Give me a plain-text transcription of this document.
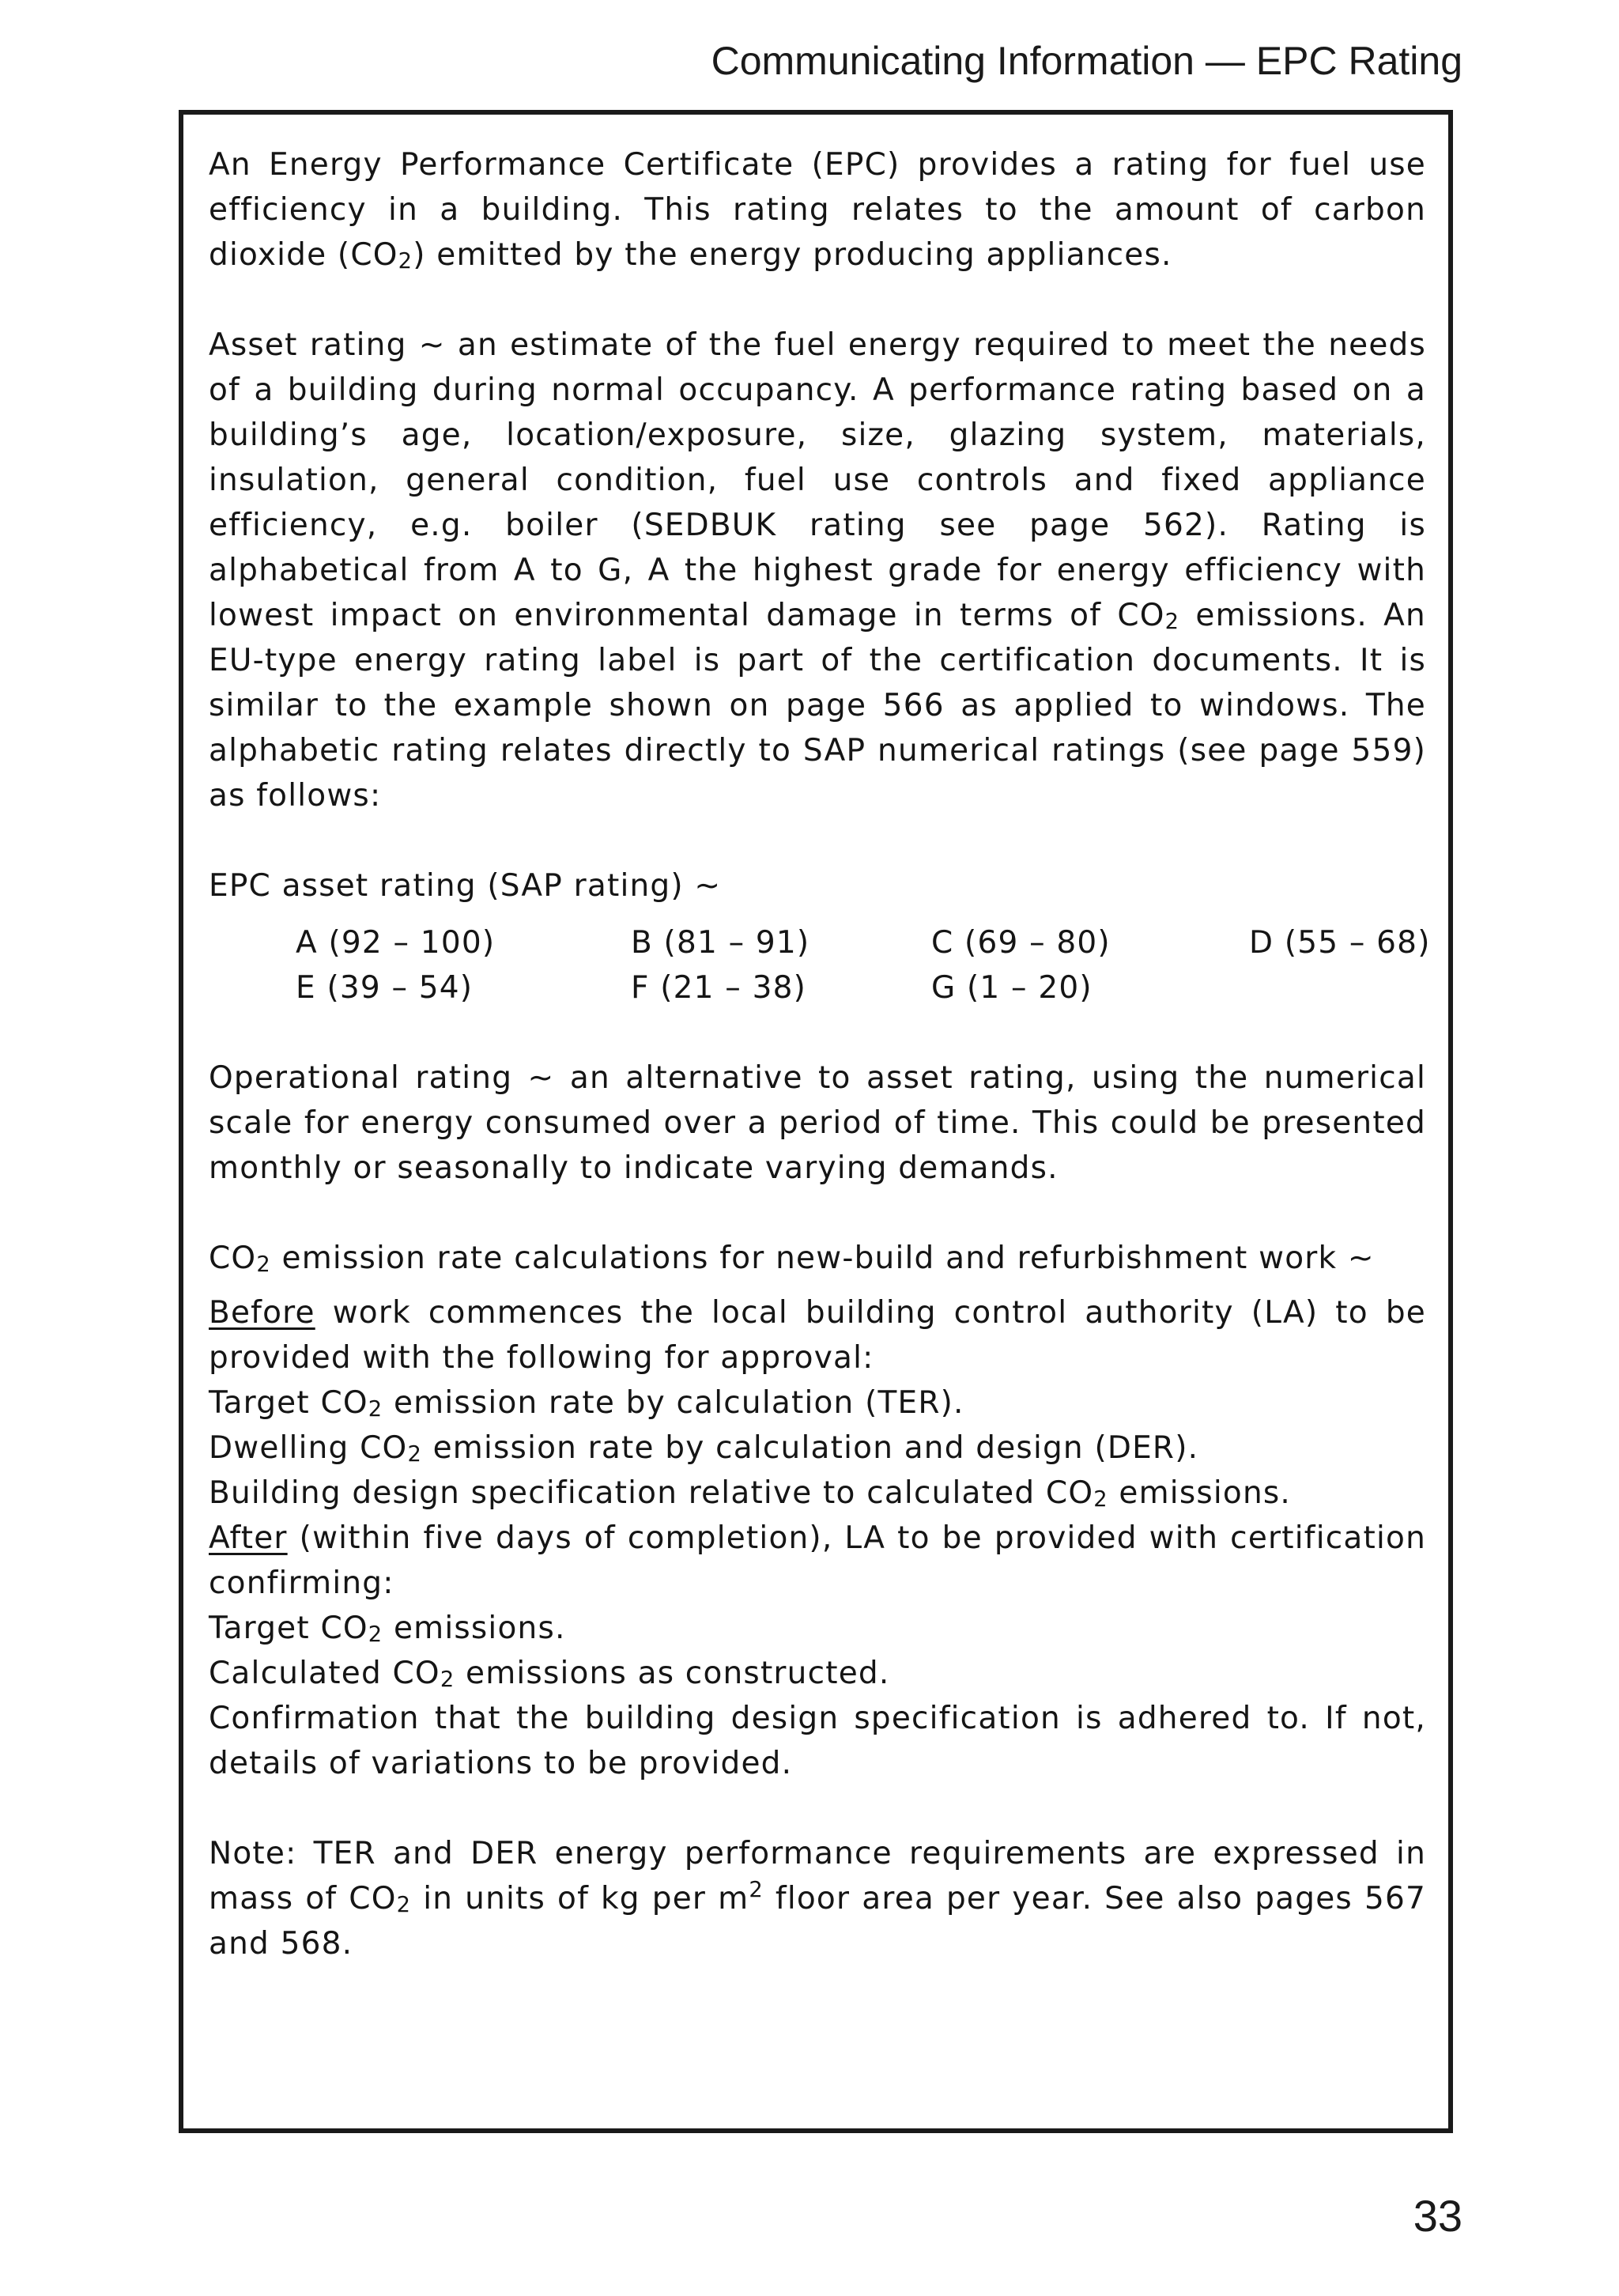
Communicating Information — EPC Rating

An Energy Performance Certificate (EPC) provides a rating for fuel use efficiency in a building. This rating relates to the amount of carbon dioxide $(CO_2)$ emitted by the energy producing appliances.

Asset rating ~ an estimate of the fuel energy required to meet the needs of a building during normal occupancy. A performance rating based on a building’s age, location/exposure, size, glazing system, materials, insulation, general condition, fuel use controls and fixed appliance efficiency, e.g. boiler (SEDBUK rating see page 562). Rating is alphabetical from A to G, A the highest grade for energy efficiency with lowest impact on environmental damage in terms of $CO_2$ emissions. An EU-type energy rating label is part of the certification documents. It is similar to the example shown on page 566 as applied to windows. The alphabetic rating relates directly to SAP numerical ratings (see page 559) as follows:

EPC asset rating (SAP rating) ~

A (92 – 100)	B (81 – 91)	C (69 – 80)	D (55 – 68)
E (39 – 54)	F (21 – 38)	G (1 – 20)

Operational rating ~ an alternative to asset rating, using the numerical scale for energy consumed over a period of time. This could be presented monthly or seasonally to indicate varying demands.

$CO_2$ emission rate calculations for new-build and refurbishment work ~

Before work commences the local building control authority (LA) to be provided with the following for approval:

Target $CO_2$ emission rate by calculation (TER).

Dwelling $CO_2$ emission rate by calculation and design (DER).

Building design specification relative to calculated $CO_2$ emissions.

After (within five days of completion), LA to be provided with certification confirming:

Target $CO_2$ emissions.

Calculated $CO_2$ emissions as constructed.

Confirmation that the building design specification is adhered to. If not, details of variations to be provided.

Note: TER and DER energy performance requirements are expressed in mass of $CO_2$ in units of kg per $m^2$ floor area per year. See also pages 567 and 568.

33
